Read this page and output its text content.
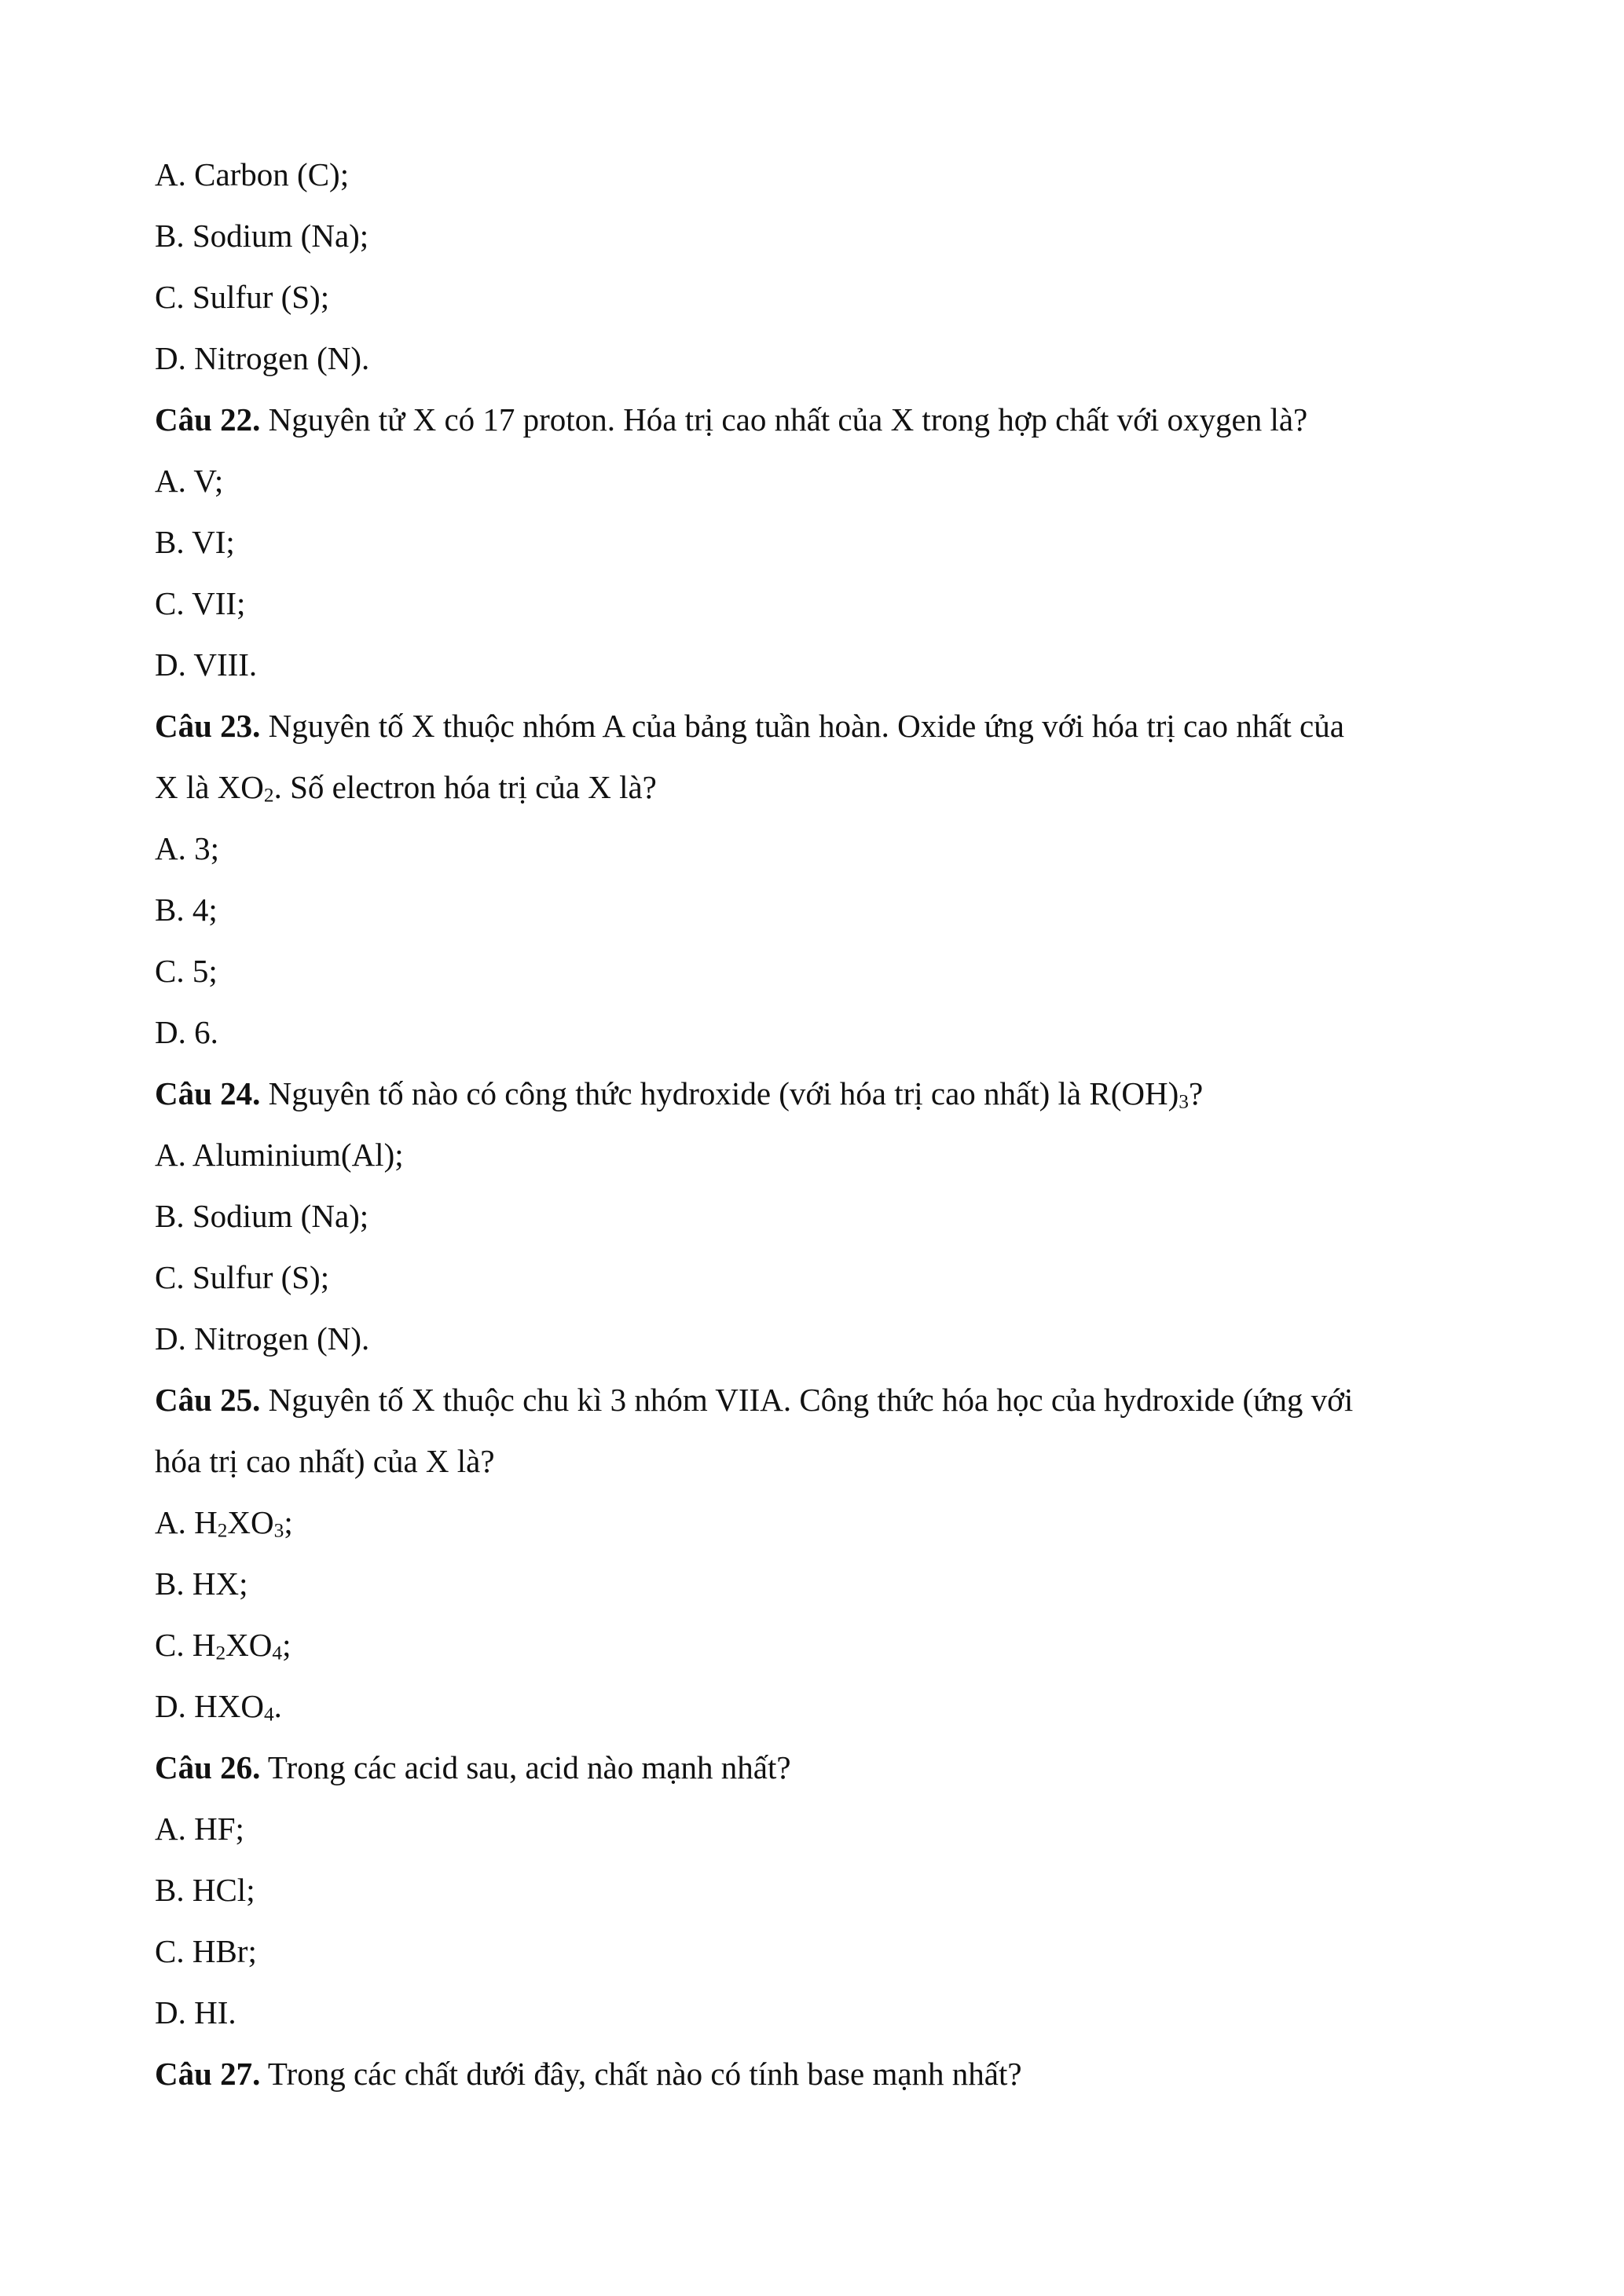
A. Carbon (C);
B. Sodium (Na);
C. Sulfur (S);
D. Nitrogen (N).
Câu 22. Nguyên tử X có 17 proton. Hóa trị cao nhất của X trong hợp chất với oxygen là?
A. V;
B. VI;
C. VII;
D. VIII.
Câu 23. Nguyên tố X thuộc nhóm A của bảng tuần hoàn. Oxide ứng với hóa trị cao nhất của
X là $XO_2$. Số electron hóa trị của X là?
A. 3;
B. 4;
C. 5;
D. 6.
Câu 24. Nguyên tố nào có công thức hydroxide (với hóa trị cao nhất) là $R(OH)_3$?
A. Aluminium(Al);
B. Sodium (Na);
C. Sulfur (S);
D. Nitrogen (N).
Câu 25. Nguyên tố X thuộc chu kì 3 nhóm VIIA. Công thức hóa học của hydroxide (ứng với
hóa trị cao nhất) của X là?
A. $H_2XO_3$;
B. HX;
C. $H_2XO_4$;
D. $HXO_4$.
Câu 26. Trong các acid sau, acid nào mạnh nhất?
A. HF;
B. HCl;
C. HBr;
D. HI.
Câu 27. Trong các chất dưới đây, chất nào có tính base mạnh nhất?
